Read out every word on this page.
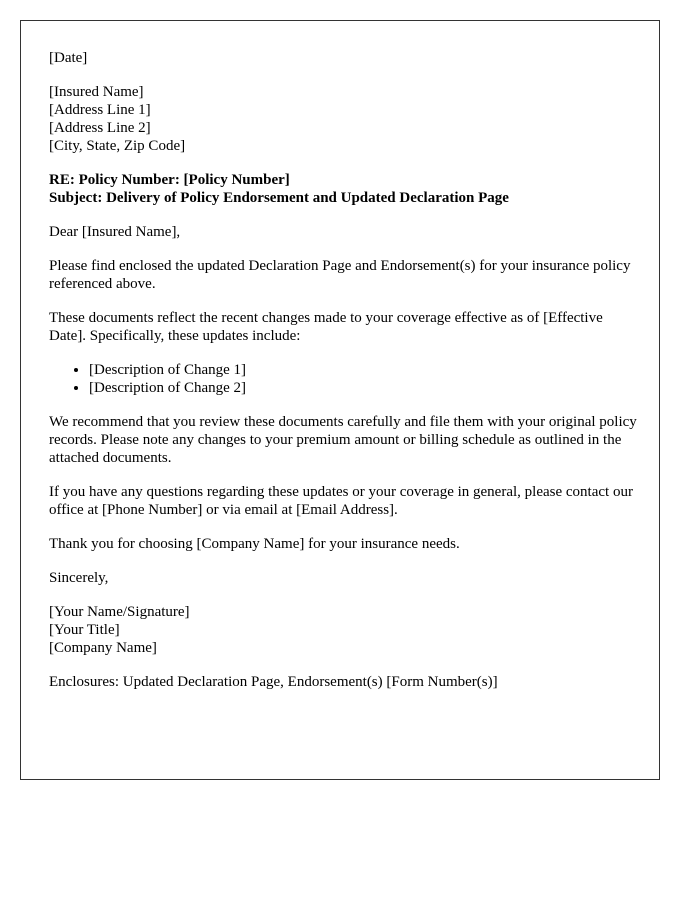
[Date]

[Insured Name]
[Address Line 1]
[Address Line 2]
[City, State, Zip Code]

RE: Policy Number: [Policy Number]
Subject: Delivery of Policy Endorsement and Updated Declaration Page

Dear [Insured Name],

Please find enclosed the updated Declaration Page and Endorsement(s) for your insurance policy referenced above.

These documents reflect the recent changes made to your coverage effective as of [Effective Date]. Specifically, these updates include:

• [Description of Change 1]
• [Description of Change 2]

We recommend that you review these documents carefully and file them with your original policy records. Please note any changes to your premium amount or billing schedule as outlined in the attached documents.

If you have any questions regarding these updates or your coverage in general, please contact our office at [Phone Number] or via email at [Email Address].

Thank you for choosing [Company Name] for your insurance needs.

Sincerely,

[Your Name/Signature]
[Your Title]
[Company Name]

Enclosures: Updated Declaration Page, Endorsement(s) [Form Number(s)]
